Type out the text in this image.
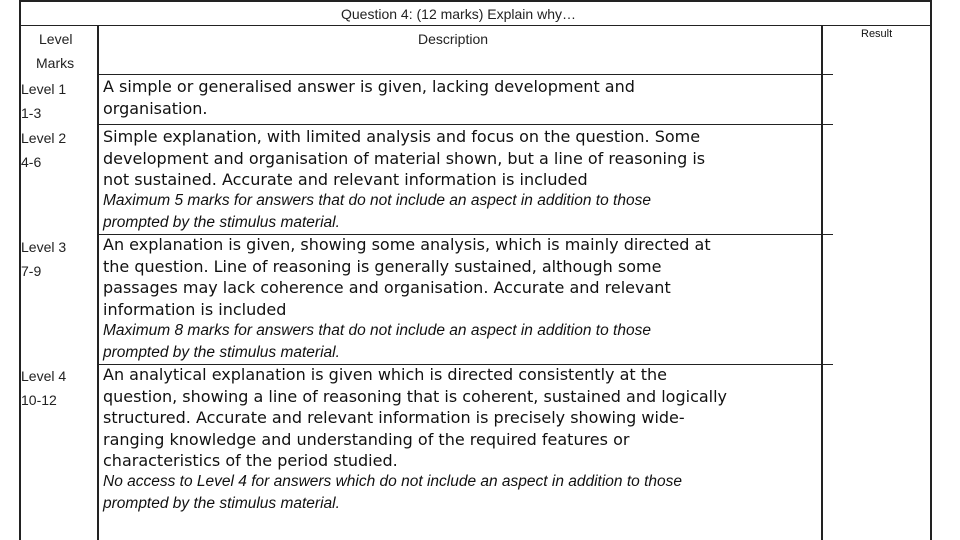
Question 4: (12 marks) Explain why…
Level
Marks
Description	Result
Level 1
1-3
A simple or generalised answer is given, lacking development and
organisation.
Level 2
4-6
Simple explanation, with limited analysis and focus on the question. Some
development and organisation of material shown, but a line of reasoning is
not sustained. Accurate and relevant information is included
Maximum 5 marks for answers that do not include an aspect in addition to those
prompted by the stimulus material.
Level 3
7-9
An explanation is given, showing some analysis, which is mainly directed at
the question. Line of reasoning is generally sustained, although some
passages may lack coherence and organisation. Accurate and relevant
information is included
Maximum 8 marks for answers that do not include an aspect in addition to those
prompted by the stimulus material.
Level 4
10-12
An analytical explanation is given which is directed consistently at the
question, showing a line of reasoning that is coherent, sustained and logically
structured. Accurate and relevant information is precisely showing wide-
ranging knowledge and understanding of the required features or
characteristics of the period studied.
No access to Level 4 for answers which do not include an aspect in addition to those
prompted by the stimulus material.
